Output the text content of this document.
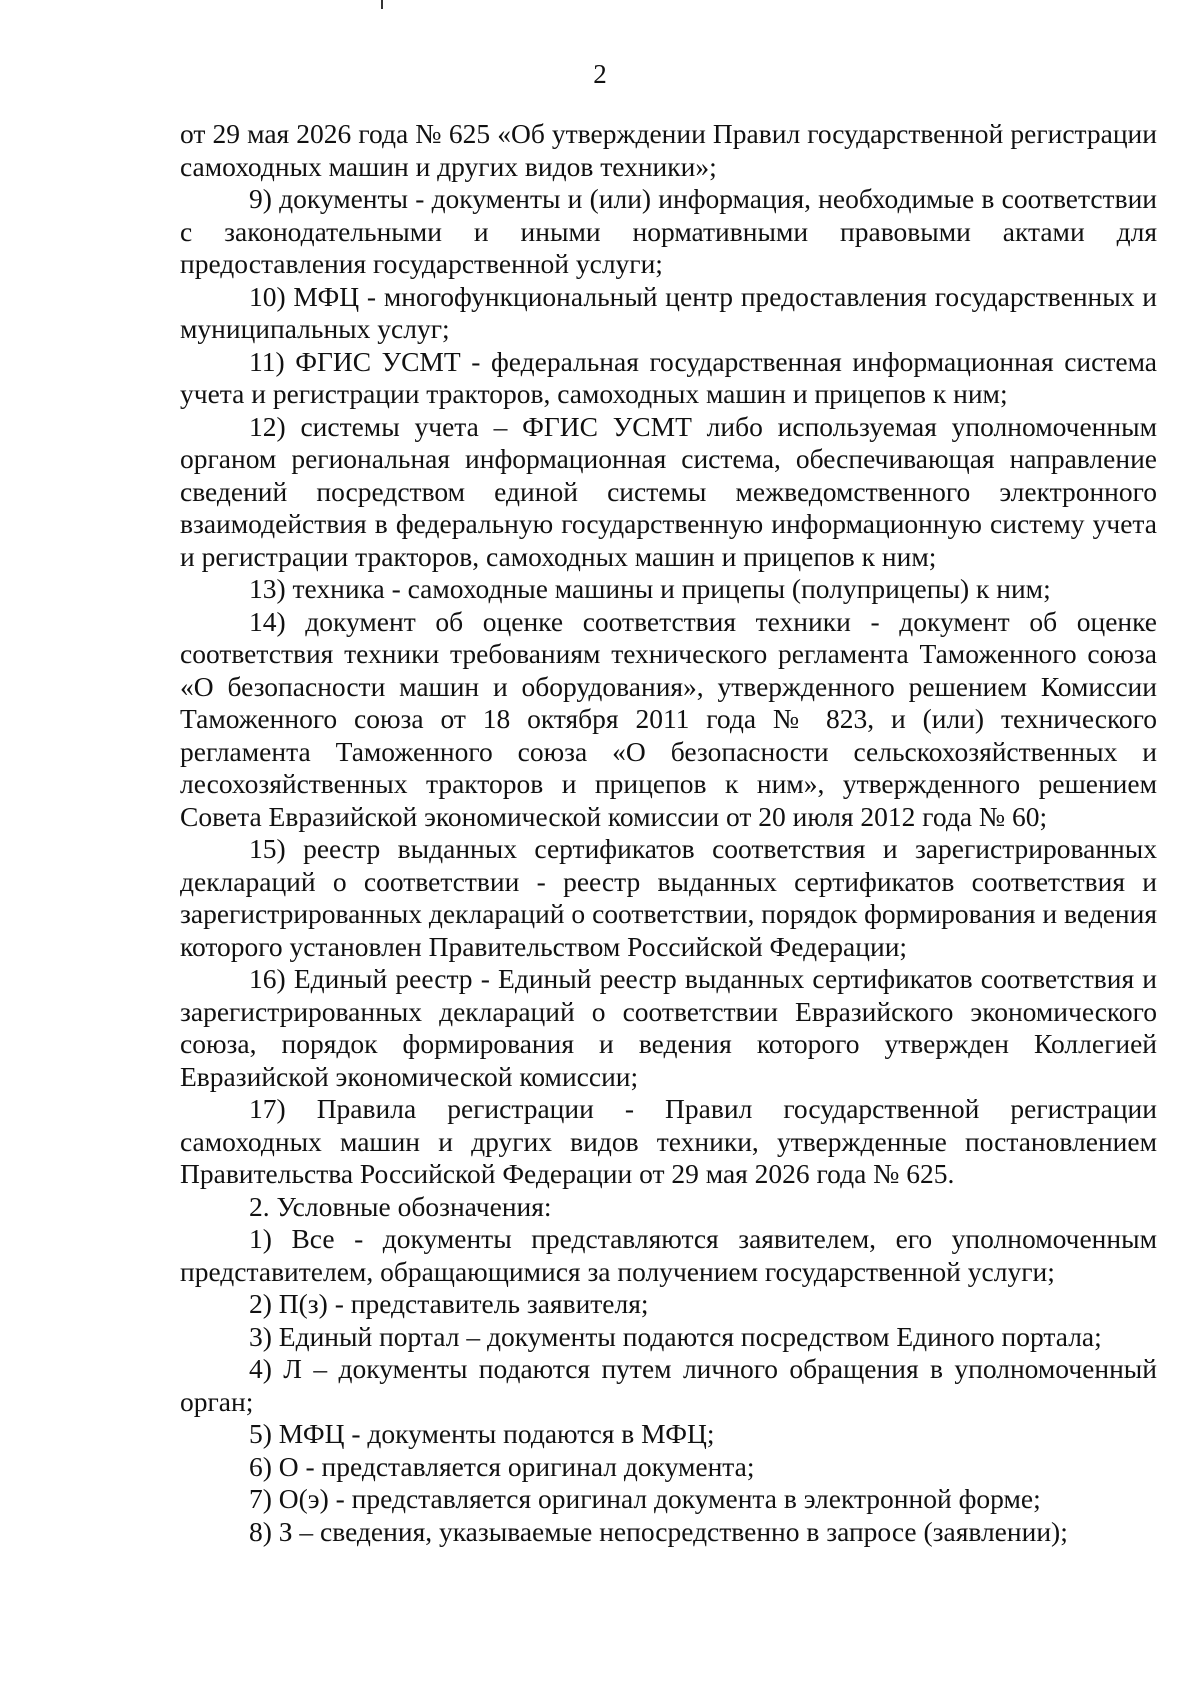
2

от 29 мая 2026 года № 625 «Об утверждении Правил государственной регистрации самоходных машин и других видов техники»;

9) документы - документы и (или) информация, необходимые в соответствии с законодательными и иными нормативными правовыми актами для предоставления государственной услуги;

10) МФЦ - многофункциональный центр предоставления государственных и муниципальных услуг;

11) ФГИС УСМТ - федеральная государственная информационная система учета и регистрации тракторов, самоходных машин и прицепов к ним;

12) системы учета – ФГИС УСМТ либо используемая уполномоченным органом региональная информационная система, обеспечивающая направление сведений посредством единой системы межведомственного электронного взаимодействия в федеральную государственную информационную систему учета и регистрации тракторов, самоходных машин и прицепов к ним;

13) техника - самоходные машины и прицепы (полуприцепы) к ним;

14) документ об оценке соответствия техники - документ об оценке соответствия техники требованиям технического регламента Таможенного союза «О безопасности машин и оборудования», утвержденного решением Комиссии Таможенного союза от 18 октября 2011 года № 823, и (или) технического регламента Таможенного союза «О безопасности сельскохозяйственных и лесохозяйственных тракторов и прицепов к ним», утвержденного решением Совета Евразийской экономической комиссии от 20 июля 2012 года № 60;

15) реестр выданных сертификатов соответствия и зарегистрированных деклараций о соответствии - реестр выданных сертификатов соответствия и зарегистрированных деклараций о соответствии, порядок формирования и ведения которого установлен Правительством Российской Федерации;

16) Единый реестр - Единый реестр выданных сертификатов соответствия и зарегистрированных деклараций о соответствии Евразийского экономического союза, порядок формирования и ведения которого утвержден Коллегией Евразийской экономической комиссии;

17) Правила регистрации - Правил государственной регистрации самоходных машин и других видов техники, утвержденные постановлением Правительства Российской Федерации от 29 мая 2026 года № 625.

2. Условные обозначения:

1) Все - документы представляются заявителем, его уполномоченным представителем, обращающимися за получением государственной услуги;

2) П(з) - представитель заявителя;

3) Единый портал – документы подаются посредством Единого портала;

4) Л – документы подаются путем личного обращения в уполномоченный орган;

5) МФЦ - документы подаются в МФЦ;

6) О - представляется оригинал документа;

7) О(э) - представляется оригинал документа в электронной форме;

8) З – сведения, указываемые непосредственно в запросе (заявлении);
